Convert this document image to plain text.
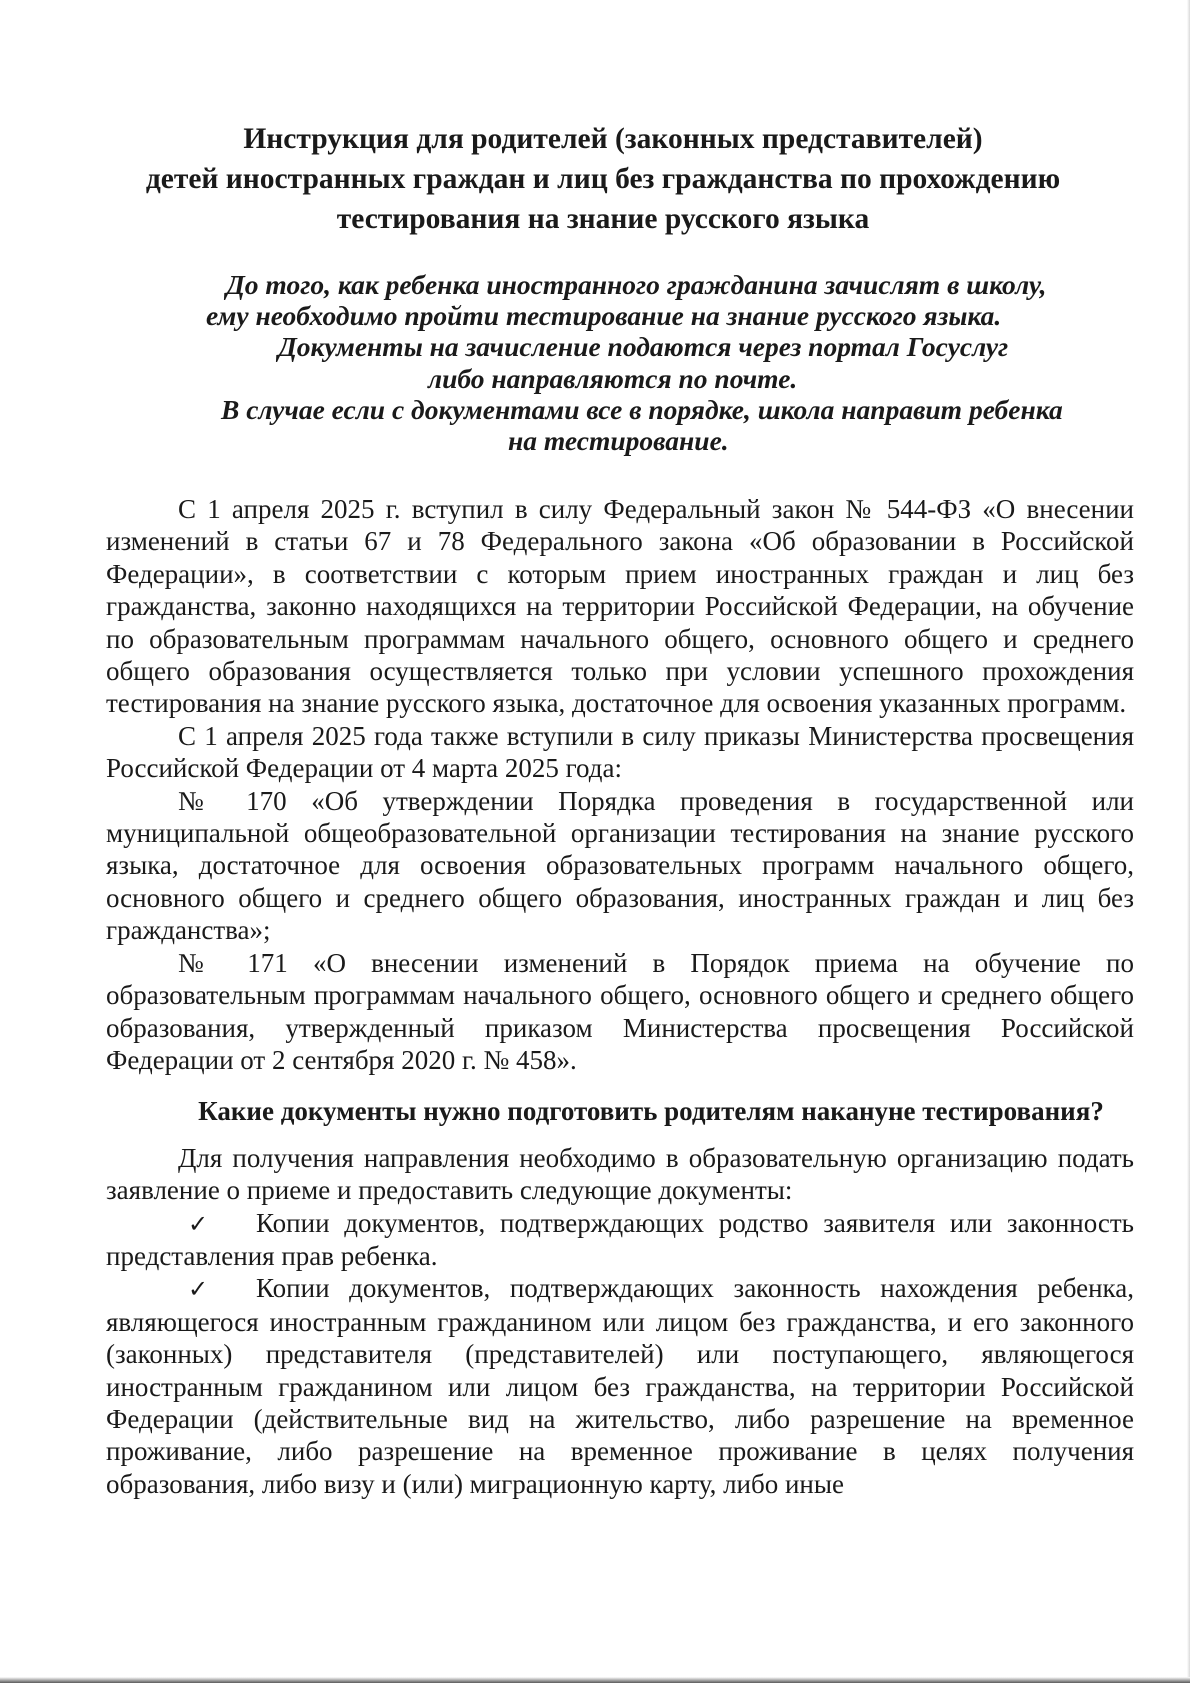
Инструкция для родителей (законных представителей)
детей иностранных граждан и лиц без гражданства по прохождению
тестирования на знание русского языка
До того, как ребенка иностранного гражданина зачислят в школу,
ему необходимо пройти тестирование на знание русского языка.
Документы на зачисление подаются через портал Госуслуг
либо направляются по почте.
В случае если с документами все в порядке, школа направит ребенка
на тестирование.

С 1 апреля 2025 г. вступил в силу Федеральный закон № 544-ФЗ «О внесении изменений в статьи 67 и 78 Федерального закона «Об образовании в Российской Федерации», в соответствии с которым прием иностранных граждан и лиц без гражданства, законно находящихся на территории Российской Федерации, на обучение по образовательным программам начального общего, основного общего и среднего общего образования осуществляется только при условии успешного прохождения тестирования на знание русского языка, достаточное для освоения указанных программ.

С 1 апреля 2025 года также вступили в силу приказы Министерства просвещения Российской Федерации от 4 марта 2025 года:

№ 170 «Об утверждении Порядка проведения в государственной или муниципальной общеобразовательной организации тестирования на знание русского языка, достаточное для освоения образовательных программ начального общего, основного общего и среднего общего образования, иностранных граждан и лиц без гражданства»;

№ 171 «О внесении изменений в Порядок приема на обучение по образовательным программам начального общего, основного общего и среднего общего образования, утвержденный приказом Министерства просвещения Российской Федерации от 2 сентября 2020 г. № 458».

Какие документы нужно подготовить родителям накануне тестирования?

Для получения направления необходимо в образовательную организацию подать заявление о приеме и предоставить следующие документы:

✓ Копии документов, подтверждающих родство заявителя или законность представления прав ребенка.

✓ Копии документов, подтверждающих законность нахождения ребенка, являющегося иностранным гражданином или лицом без гражданства, и его законного (законных) представителя (представителей) или поступающего, являющегося иностранным гражданином или лицом без гражданства, на территории Российской Федерации (действительные вид на жительство, либо разрешение на временное проживание, либо разрешение на временное проживание в целях получения образования, либо визу и (или) миграционную карту, либо иные
